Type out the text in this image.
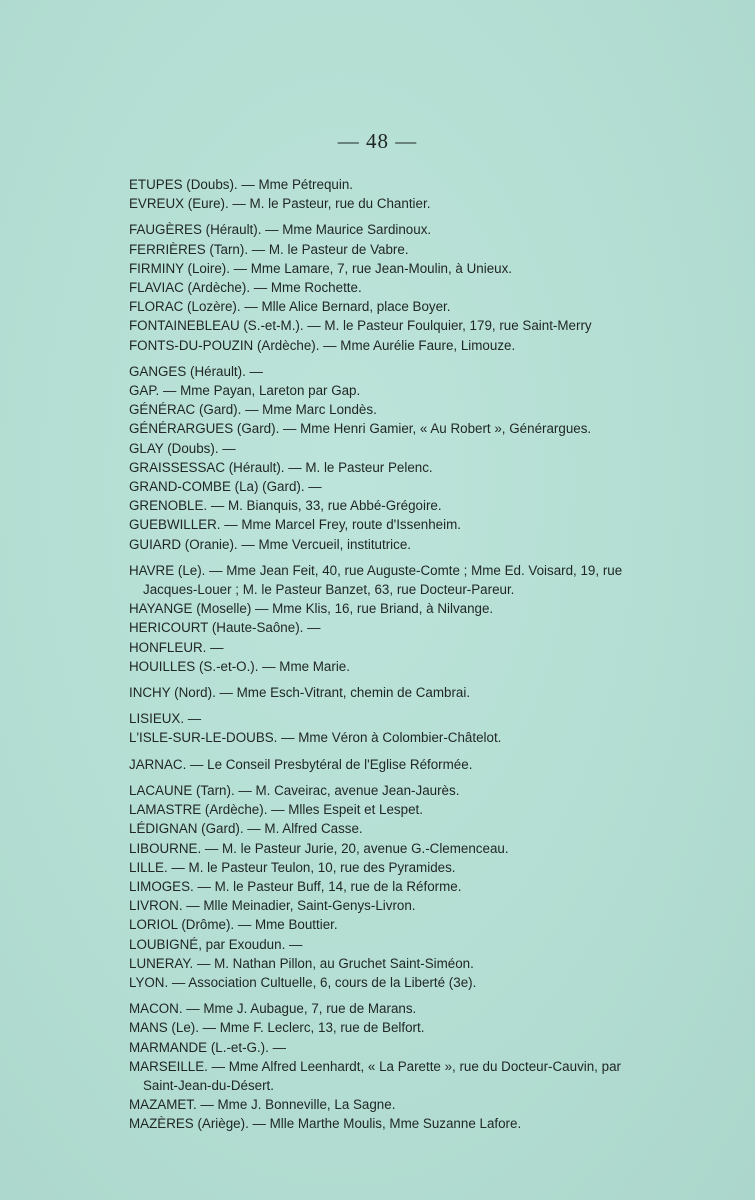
— 48 —
ETUPES (Doubs). — Mme Pétrequin.
EVREUX (Eure). — M. le Pasteur, rue du Chantier.
FAUGÈRES (Hérault). — Mme Maurice Sardinoux.
FERRIÈRES (Tarn). — M. le Pasteur de Vabre.
FIRMINY (Loire). — Mme Lamare, 7, rue Jean-Moulin, à Unieux.
FLAVIAC (Ardèche). — Mme Rochette.
FLORAC (Lozère). — Mlle Alice Bernard, place Boyer.
FONTAINEBLEAU (S.-et-M.). — M. le Pasteur Foulquier, 179, rue Saint-Merry
FONTS-DU-POUZIN (Ardèche). — Mme Aurélie Faure, Limouze.
GANGES (Hérault). —
GAP. — Mme Payan, Lareton par Gap.
GÉNÉRAC (Gard). — Mme Marc Londès.
GÉNÉRARGUES (Gard). — Mme Henri Gamier, « Au Robert », Générargues.
GLAY (Doubs). —
GRAISSESSAC (Hérault). — M. le Pasteur Pelenc.
GRAND-COMBE (La) (Gard). —
GRENOBLE. — M. Bianquis, 33, rue Abbé-Grégoire.
GUEBWILLER. — Mme Marcel Frey, route d'Issenheim.
GUIARD (Oranie). — Mme Vercueil, institutrice.
HAVRE (Le). — Mme Jean Feit, 40, rue Auguste-Comte ; Mme Ed. Voisard, 19, rue Jacques-Louer ; M. le Pasteur Banzet, 63, rue Docteur-Pareur.
HAYANGE (Moselle) — Mme Klis, 16, rue Briand, à Nilvange.
HERICOURT (Haute-Saône). —
HONFLEUR. —
HOUILLES (S.-et-O.). — Mme Marie.
INCHY (Nord). — Mme Esch-Vitrant, chemin de Cambrai.
LISIEUX. —
L'ISLE-SUR-LE-DOUBS. — Mme Véron à Colombier-Châtelot.
JARNAC. — Le Conseil Presbytéral de l'Eglise Réformée.
LACAUNE (Tarn). — M. Caveirac, avenue Jean-Jaurès.
LAMASTRE (Ardèche). — Mlles Espeit et Lespet.
LÉDIGNAN (Gard). — M. Alfred Casse.
LIBOURNE. — M. le Pasteur Jurie, 20, avenue G.-Clemenceau.
LILLE. — M. le Pasteur Teulon, 10, rue des Pyramides.
LIMOGES. — M. le Pasteur Buff, 14, rue de la Réforme.
LIVRON. — Mlle Meinadier, Saint-Genys-Livron.
LORIOL (Drôme). — Mme Bouttier.
LOUBIGNÉ, par Exoudun. —
LUNERAY. — M. Nathan Pillon, au Gruchet Saint-Siméon.
LYON. — Association Cultuelle, 6, cours de la Liberté (3e).
MACON. — Mme J. Aubague, 7, rue de Marans.
MANS (Le). — Mme F. Leclerc, 13, rue de Belfort.
MARMANDE (L.-et-G.). —
MARSEILLE. — Mme Alfred Leenhardt, « La Parette », rue du Docteur-Cauvin, par Saint-Jean-du-Désert.
MAZAMET. — Mme J. Bonneville, La Sagne.
MAZÈRES (Ariège). — Mlle Marthe Moulis, Mme Suzanne Lafore.
